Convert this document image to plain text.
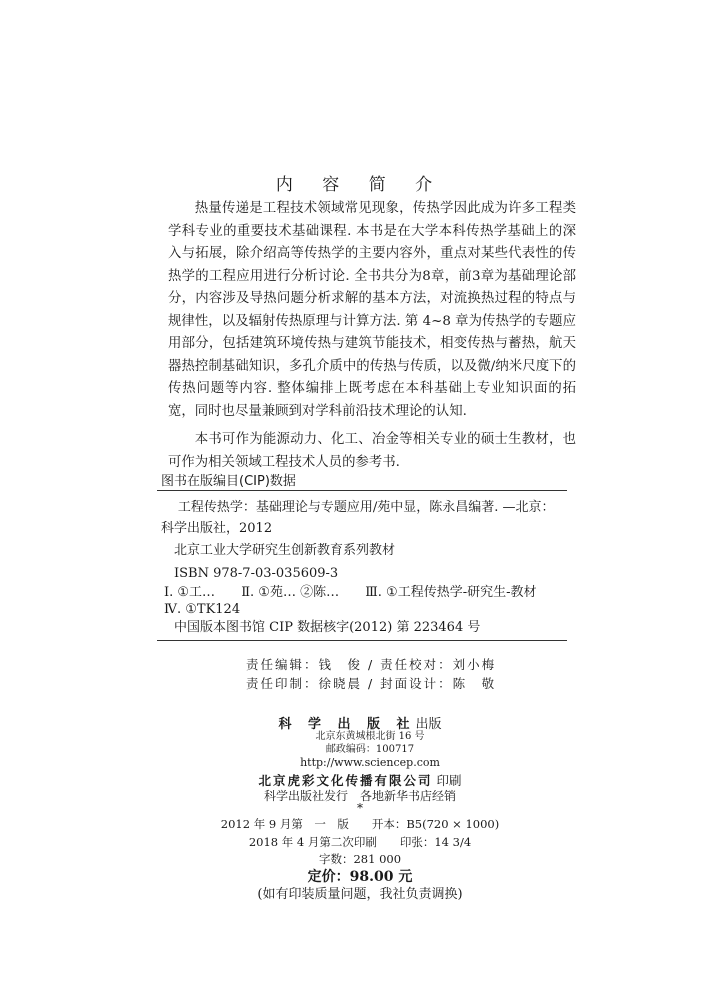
内 容 简 介

热量传递是工程技术领域常见现象，传热学因此成为许多工程类学科专业的重要技术基础课程. 本书是在大学本科传热学基础上的深入与拓展，除介绍高等传热学的主要内容外，重点对某些代表性的传热学的工程应用进行分析讨论. 全书共分为8章，前3章为基础理论部分，内容涉及导热问题分析求解的基本方法，对流换热过程的特点与规律性，以及辐射传热原理与计算方法. 第 4~8 章为传热学的专题应用部分，包括建筑环境传热与建筑节能技术，相变传热与蓄热，航天器热控制基础知识，多孔介质中的传热与传质，以及微/纳米尺度下的传热问题等内容. 整体编排上既考虑在本科基础上专业知识面的拓宽，同时也尽量兼顾到对学科前沿技术理论的认知.

本书可作为能源动力、化工、冶金等相关专业的硕士生教材，也可作为相关领域工程技术人员的参考书.

图书在版编目(CIP)数据
工程传热学：基础理论与专题应用/苑中显，陈永昌编著. —北京：科学出版社，2012
北京工业大学研究生创新教育系列教材
ISBN 978-7-03-035609-3
Ⅰ. ①工… Ⅱ. ①苑… ②陈… Ⅲ. ①工程传热学-研究生-教材
Ⅳ. ①TK124
中国版本图书馆 CIP 数据核字(2012) 第 223464 号
责任编辑：钱　俊 / 责任校对：刘小梅
责任印制：徐晓晨 / 封面设计：陈　敬
科 学 出 版 社出版
北京东黄城根北街 16 号
邮政编码：100717
http://www.sciencep.com
北京虎彩文化传播有限公司 印刷
科学出版社发行　各地新华书店经销
*
2012 年 9 月第　一　版　　开本：B5(720 × 1000)
2018 年 4 月第二次印刷　　印张：14 3/4
字数：281 000
定价：98.00 元
(如有印装质量问题，我社负责调换)
